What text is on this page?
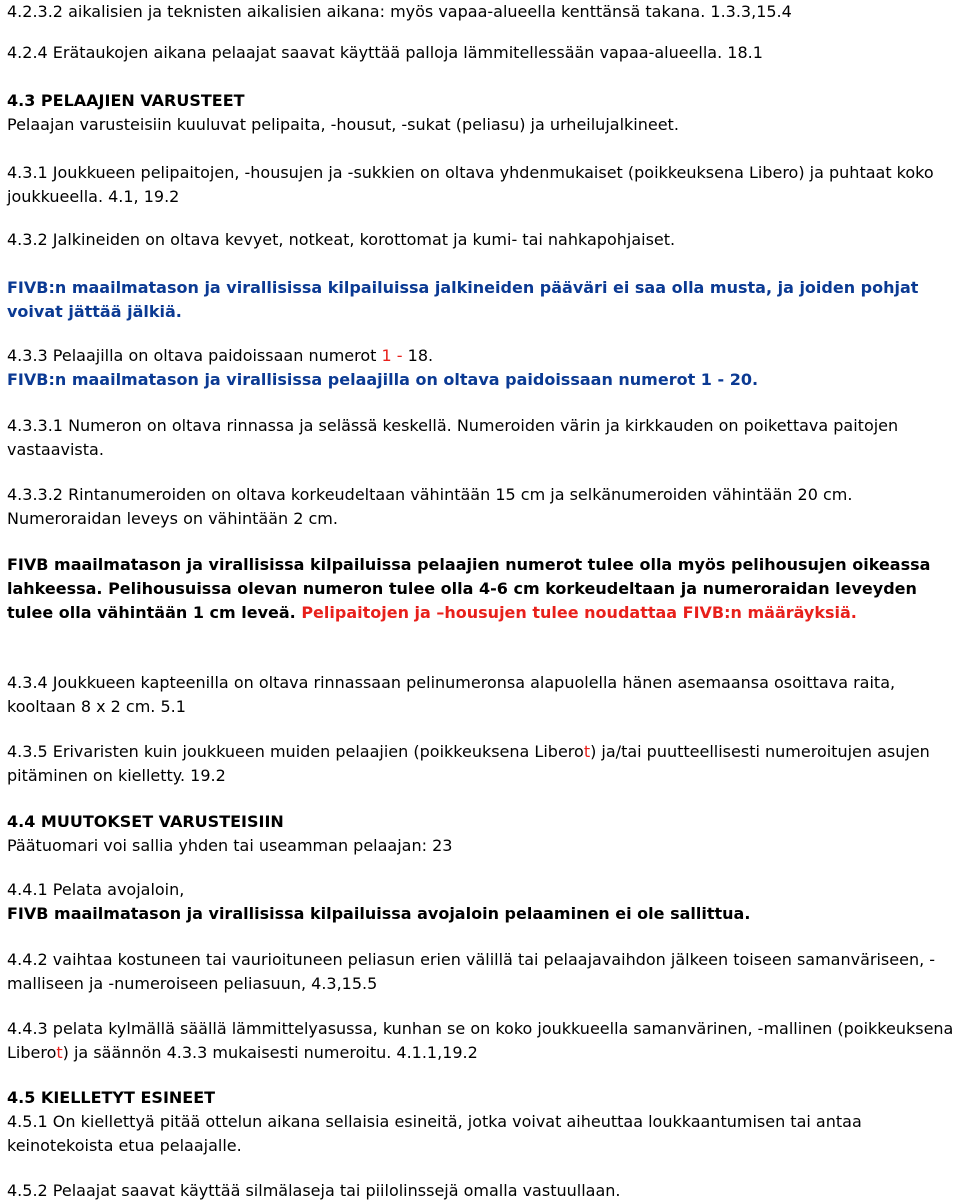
4.2.3.2 aikalisien ja teknisten aikalisien aikana: myös vapaa-alueella kenttänsä takana. 1.3.3,15.4

4.2.4 Erätaukojen aikana pelaajat saavat käyttää palloja lämmitellessään vapaa-alueella. 18.1

4.3 PELAAJIEN VARUSTEET
Pelaajan varusteisiin kuuluvat pelipaita, -housut, -sukat (peliasu) ja urheilujalkineet.

4.3.1 Joukkueen pelipaitojen, -housujen ja -sukkien on oltava yhdenmukaiset (poikkeuksena Libero) ja puhtaat koko joukkueella. 4.1, 19.2

4.3.2 Jalkineiden on oltava kevyet, notkeat, korottomat ja kumi- tai nahkapohjaiset.

FIVB:n maailmatason ja virallisissa kilpailuissa jalkineiden pääväri ei saa olla musta, ja joiden pohjat voivat jättää jälkiä.

4.3.3 Pelaajilla on oltava paidoissaan numerot 1 - 18.
FIVB:n maailmatason ja virallisissa pelaajilla on oltava paidoissaan numerot 1 - 20.

4.3.3.1 Numeron on oltava rinnassa ja selässä keskellä. Numeroiden värin ja kirkkauden on poikettava paitojen vastaavista.

4.3.3.2 Rintanumeroiden on oltava korkeudeltaan vähintään 15 cm ja selkänumeroiden vähintään 20 cm. Numeroraidan leveys on vähintään 2 cm.

FIVB maailmatason ja virallisissa kilpailuissa pelaajien numerot tulee olla myös pelihousujen oikeassa lahkeessa. Pelihousuissa olevan numeron tulee olla 4-6 cm korkeudeltaan ja numeroraidan leveyden tulee olla vähintään 1 cm leveä. Pelipaitojen ja –housujen tulee noudattaa FIVB:n määräyksiä.

4.3.4 Joukkueen kapteenilla on oltava rinnassaan pelinumeronsa alapuolella hänen asemaansa osoittava raita, kooltaan 8 x 2 cm. 5.1

4.3.5 Erivaristen kuin joukkueen muiden pelaajien (poikkeuksena Liberot) ja/tai puutteellisesti numeroitujen asujen pitäminen on kielletty. 19.2

4.4 MUUTOKSET VARUSTEISIIN
Päätuomari voi sallia yhden tai useamman pelaajan: 23

4.4.1 Pelata avojaloin,
FIVB maailmatason ja virallisissa kilpailuissa avojaloin pelaaminen ei ole sallittua.

4.4.2 vaihtaa kostuneen tai vaurioituneen peliasun erien välillä tai pelaajavaihdon jälkeen toiseen samanväriseen, -malliseen ja -numeroiseen peliasuun, 4.3,15.5

4.4.3 pelata kylmällä säällä lämmittelyasussa, kunhan se on koko joukkueella samanvärinen, -mallinen (poikkeuksena Liberot) ja säännön 4.3.3 mukaisesti numeroitu. 4.1.1,19.2

4.5 KIELLETYT ESINEET
4.5.1 On kiellettyä pitää ottelun aikana sellaisia esineitä, jotka voivat aiheuttaa loukkaantumisen tai antaa keinotekoista etua pelaajalle.

4.5.2 Pelaajat saavat käyttää silmälaseja tai piilolinssejä omalla vastuullaan.
